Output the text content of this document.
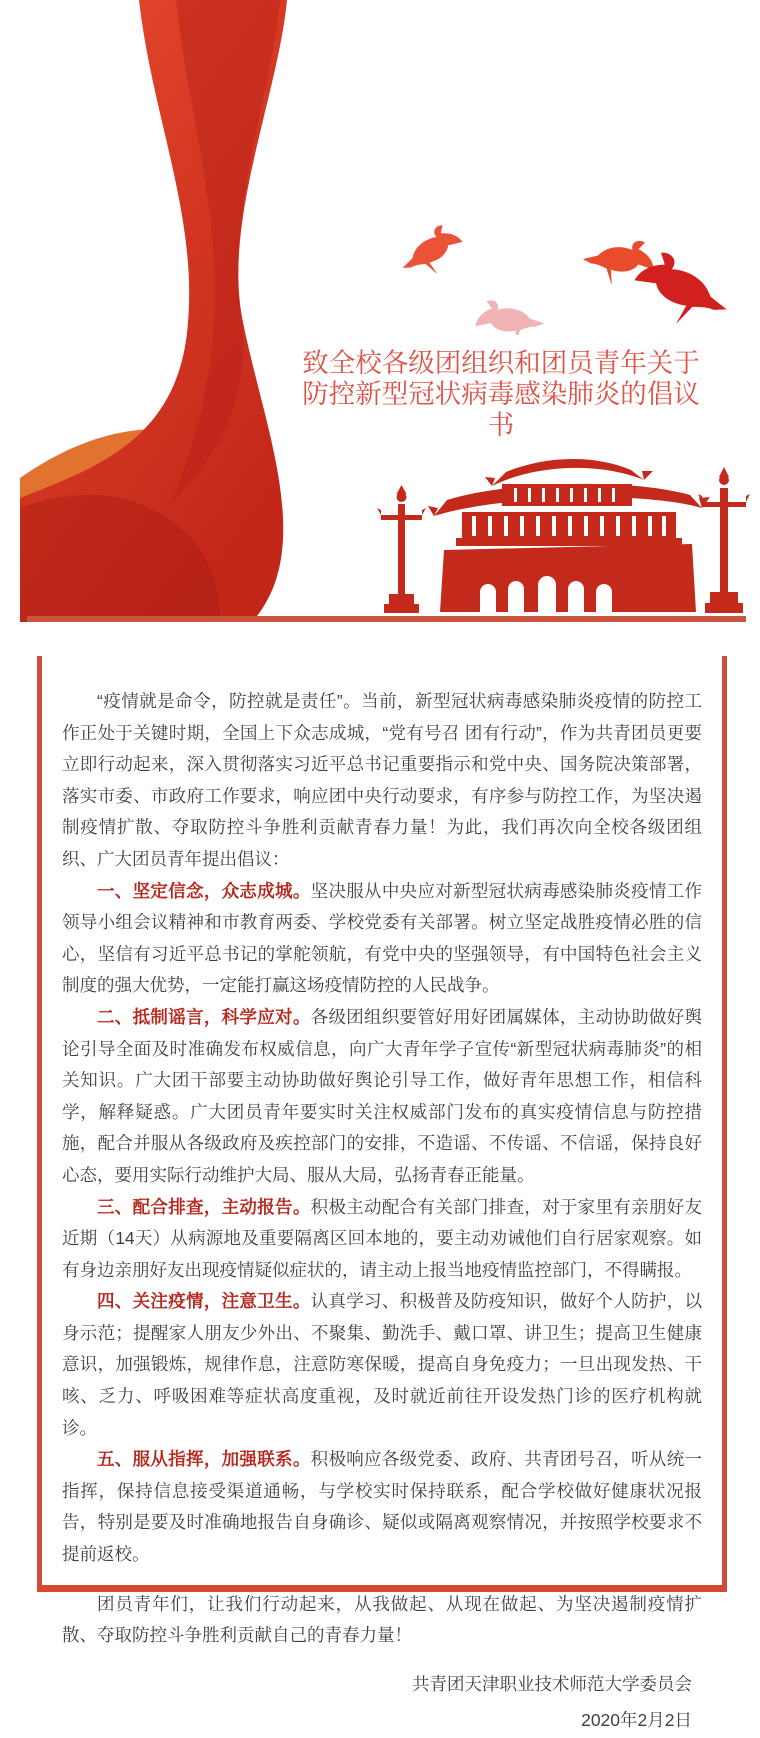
致全校各级团组织和团员青年关于防控新型冠状病毒感染肺炎的倡议书

“疫情就是命令，防控就是责任”。当前，新型冠状病毒感染肺炎疫情的防控工作正处于关键时期，全国上下众志成城，“党有号召 团有行动”，作为共青团员更要立即行动起来，深入贯彻落实习近平总书记重要指示和党中央、国务院决策部署，落实市委、市政府工作要求，响应团中央行动要求，有序参与防控工作，为坚决遏制疫情扩散、夺取防控斗争胜利贡献青春力量！为此，我们再次向全校各级团组织、广大团员青年提出倡议：

一、坚定信念，众志成城。坚决服从中央应对新型冠状病毒感染肺炎疫情工作领导小组会议精神和市教育两委、学校党委有关部署。树立坚定战胜疫情必胜的信心，坚信有习近平总书记的掌舵领航，有党中央的坚强领导，有中国特色社会主义制度的强大优势，一定能打赢这场疫情防控的人民战争。

二、抵制谣言，科学应对。各级团组织要管好用好团属媒体，主动协助做好舆论引导全面及时准确发布权威信息，向广大青年学子宣传“新型冠状病毒肺炎”的相关知识。广大团干部要主动协助做好舆论引导工作，做好青年思想工作，相信科学，解释疑惑。广大团员青年要实时关注权威部门发布的真实疫情信息与防控措施，配合并服从各级政府及疾控部门的安排，不造谣、不传谣、不信谣，保持良好心态，要用实际行动维护大局、服从大局，弘扬青春正能量。

三、配合排查，主动报告。积极主动配合有关部门排查，对于家里有亲朋好友近期（14天）从病源地及重要隔离区回本地的，要主动劝诫他们自行居家观察。如有身边亲朋好友出现疫情疑似症状的，请主动上报当地疫情监控部门，不得瞒报。

四、关注疫情，注意卫生。认真学习、积极普及防疫知识，做好个人防护，以身示范；提醒家人朋友少外出、不聚集、勤洗手、戴口罩、讲卫生；提高卫生健康意识，加强锻炼，规律作息，注意防寒保暖，提高自身免疫力；一旦出现发热、干咳、乏力、呼吸困难等症状高度重视，及时就近前往开设发热门诊的医疗机构就诊。

五、服从指挥，加强联系。积极响应各级党委、政府、共青团号召，听从统一指挥，保持信息接受渠道通畅，与学校实时保持联系，配合学校做好健康状况报告，特别是要及时准确地报告自身确诊、疑似或隔离观察情况，并按照学校要求不提前返校。

团员青年们，让我们行动起来，从我做起、从现在做起、为坚决遏制疫情扩散、夺取防控斗争胜利贡献自己的青春力量！

共青团天津职业技术师范大学委员会

2020年2月2日
